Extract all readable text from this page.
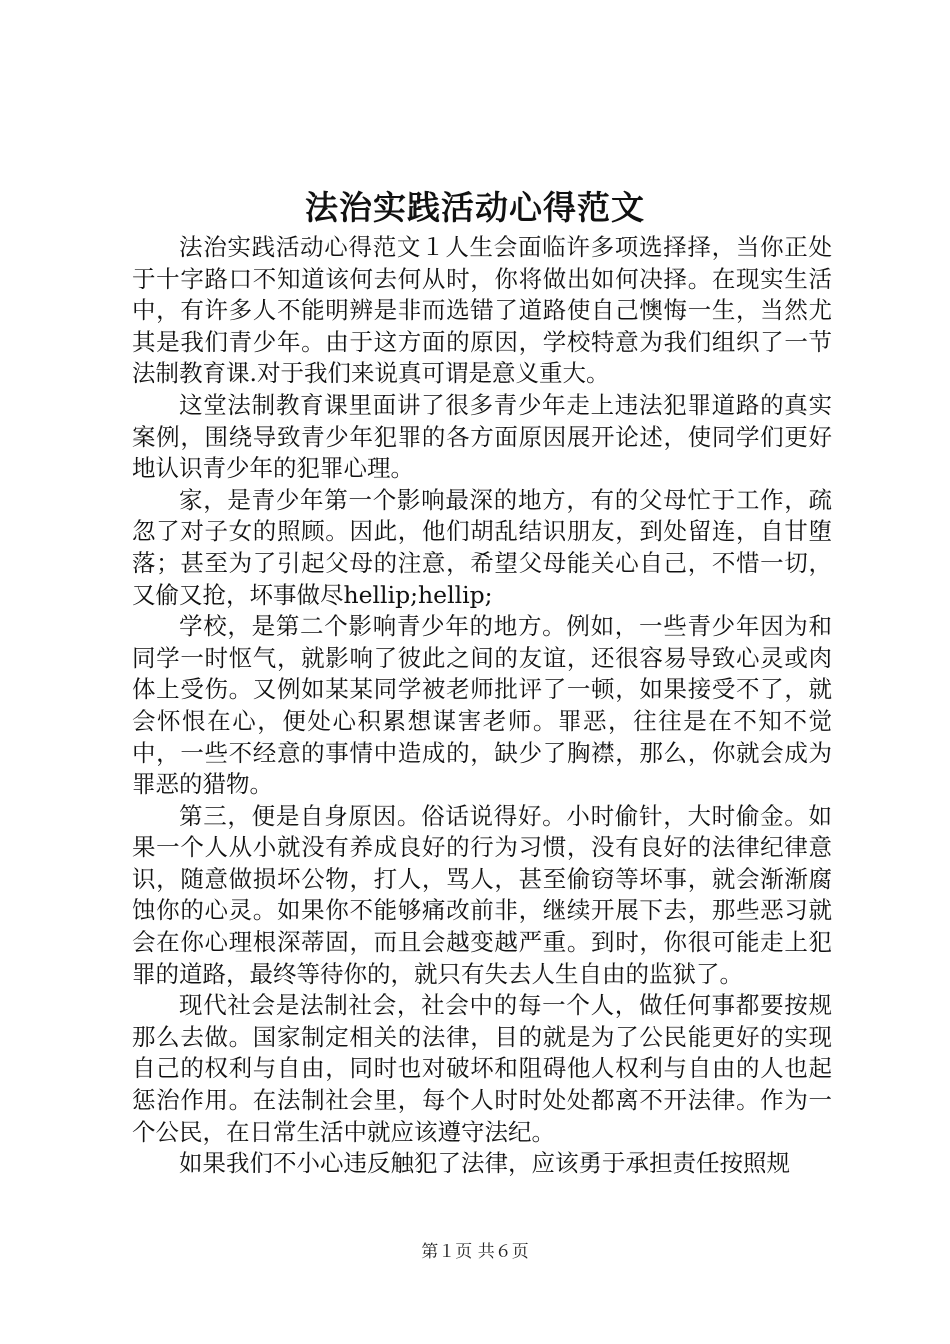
法治实践活动心得范文

法治实践活动心得范文１人生会面临许多项选择择，当你正处于十字路口不知道该何去何从时，你将做出如何决择。在现实生活中，有许多人不能明辨是非而选错了道路使自己懊悔一生，当然尤其是我们青少年。由于这方面的原因，学校特意为我们组织了一节法制教育课.对于我们来说真可谓是意义重大。

这堂法制教育课里面讲了很多青少年走上违法犯罪道路的真实案例，围绕导致青少年犯罪的各方面原因展开论述，使同学们更好地认识青少年的犯罪心理。

家，是青少年第一个影响最深的地方，有的父母忙于工作，疏忽了对子女的照顾。因此，他们胡乱结识朋友，到处留连，自甘堕落；甚至为了引起父母的注意，希望父母能关心自己，不惜一切，又偷又抢，坏事做尽hellip;hellip;

学校，是第二个影响青少年的地方。例如，一些青少年因为和同学一时怄气，就影响了彼此之间的友谊，还很容易导致心灵或肉体上受伤。又例如某某同学被老师批评了一顿，如果接受不了，就会怀恨在心，便处心积累想谋害老师。罪恶，往往是在不知不觉中，一些不经意的事情中造成的，缺少了胸襟，那么，你就会成为罪恶的猎物。

第三，便是自身原因。俗话说得好。小时偷针，大时偷金。如果一个人从小就没有养成良好的行为习惯，没有良好的法律纪律意识，随意做损坏公物，打人，骂人，甚至偷窃等坏事，就会渐渐腐蚀你的心灵。如果你不能够痛改前非，继续开展下去，那些恶习就会在你心理根深蒂固，而且会越变越严重。到时，你很可能走上犯罪的道路，最终等待你的，就只有失去人生自由的监狱了。

现代社会是法制社会，社会中的每一个人，做任何事都要按规那么去做。国家制定相关的法律，目的就是为了公民能更好的实现自己的权利与自由，同时也对破坏和阻碍他人权利与自由的人也起惩治作用。在法制社会里，每个人时时处处都离不开法律。作为一个公民，在日常生活中就应该遵守法纪。

如果我们不小心违反触犯了法律，应该勇于承担责任按照规

第１页 共６页
